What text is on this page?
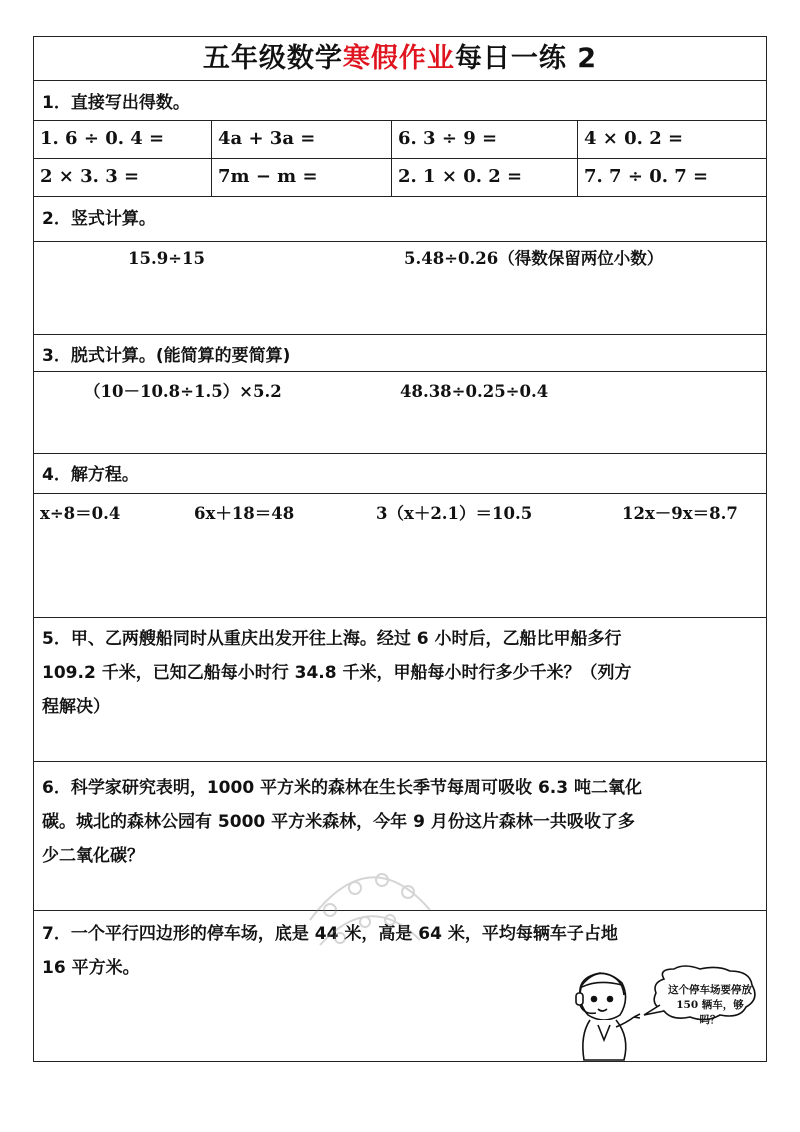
五年级数学寒假作业每日一练 2
1．直接写出得数。
1. 6 ÷ 0. 4 =	4a + 3a =	6. 3 ÷ 9 =	4 × 0. 2 =
2 × 3. 3 =	7m − m =	2. 1 × 0. 2 =	7. 7 ÷ 0. 7 =
2．竖式计算。
15.9÷15	5.48÷0.26（得数保留两位小数）
3．脱式计算。(能简算的要简算)
（10－10.8÷1.5）×5.2	48.38÷0.25÷0.4
4．解方程。
x÷8＝0.4	6x＋18＝48	3（x＋2.1）＝10.5	12x－9x＝8.7
5．甲、乙两艘船同时从重庆出发开往上海。经过 6 小时后，乙船比甲船多行
109.2 千米，已知乙船每小时行 34.8 千米，甲船每小时行多少千米？（列方
程解决）
6．科学家研究表明，1000 平方米的森林在生长季节每周可吸收 6.3 吨二氧化
碳。城北的森林公园有 5000 平方米森林，今年 9 月份这片森林一共吸收了多
少二氧化碳？
7．一个平行四边形的停车场，底是 44 米，高是 64 米，平均每辆车子占地
16 平方米。
这个停车场要停放
150 辆车，够吗？
